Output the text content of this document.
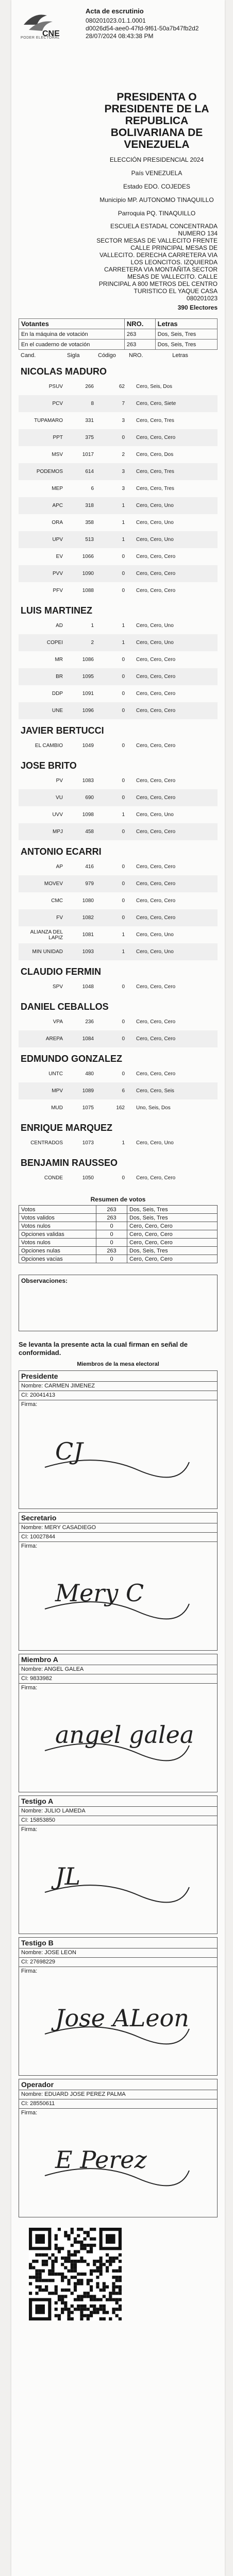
CNE
PODER ELECTORAL
Acta de escrutinio
080201023.01.1.0001
d0026d54-aee0-47fd-9f61-50a7b47fb2d2
28/07/2024 08:43:38 PM
PRESIDENTA O PRESIDENTE DE LA REPUBLICA BOLIVARIANA DE VENEZUELA
ELECCIÓN PRESIDENCIAL 2024
País VENEZUELA
Estado EDO. COJEDES
Municipio MP. AUTONOMO TINAQUILLO
Parroquia PQ. TINAQUILLO
ESCUELA ESTADAL CONCENTRADA NUMERO 134
SECTOR MESAS DE VALLECITO FRENTE CALLE PRINCIPAL MESAS DE VALLECITO. DERECHA CARRETERA VIA LOS LEONCITOS. IZQUIERDA CARRETERA VIA MONTAÑITA SECTOR MESAS DE VALLECITO. CALLE PRINCIPAL A 800 METROS DEL CENTRO TURISTICO EL YAQUE CASA
080201023
390 Electores
Votantes	NRO.	Letras
En la máquina de votación	263	Dos, Seis, Tres
En el cuaderno de votación	263	Dos, Seis, Tres
Cand.	Sigla	Código	NRO.	Letras
NICOLAS MADURO				
PSUV	266	62	Cero, Seis, Dos	
PCV	8	7	Cero, Cero, Siete	
TUPAMARO	331	3	Cero, Cero, Tres	
PPT	375	0	Cero, Cero, Cero	
MSV	1017	2	Cero, Cero, Dos	
PODEMOS	614	3	Cero, Cero, Tres	
MEP	6	3	Cero, Cero, Tres	
APC	318	1	Cero, Cero, Uno	
ORA	358	1	Cero, Cero, Uno	
UPV	513	1	Cero, Cero, Uno	
EV	1066	0	Cero, Cero, Cero	
PVV	1090	0	Cero, Cero, Cero	
PFV	1088	0	Cero, Cero, Cero	
LUIS MARTINEZ				
AD	1	1	Cero, Cero, Uno	
COPEI	2	1	Cero, Cero, Uno	
MR	1086	0	Cero, Cero, Cero	
BR	1095	0	Cero, Cero, Cero	
DDP	1091	0	Cero, Cero, Cero	
UNE	1096	0	Cero, Cero, Cero	
JAVIER BERTUCCI				
EL CAMBIO	1049	0	Cero, Cero, Cero	
JOSE BRITO				
PV	1083	0	Cero, Cero, Cero	
VU	690	0	Cero, Cero, Cero	
UVV	1098	1	Cero, Cero, Uno	
MPJ	458	0	Cero, Cero, Cero	
ANTONIO ECARRI				
AP	416	0	Cero, Cero, Cero	
MOVEV	979	0	Cero, Cero, Cero	
CMC	1080	0	Cero, Cero, Cero	
FV	1082	0	Cero, Cero, Cero	
ALIANZA DEL LAPIZ	1081	1	Cero, Cero, Uno	
MIN UNIDAD	1093	1	Cero, Cero, Uno	
CLAUDIO FERMIN				
SPV	1048	0	Cero, Cero, Cero	
DANIEL CEBALLOS				
VPA	236	0	Cero, Cero, Cero	
AREPA	1084	0	Cero, Cero, Cero	
EDMUNDO GONZALEZ				
UNTC	480	0	Cero, Cero, Cero	
MPV	1089	6	Cero, Cero, Seis	
MUD	1075	162	Uno, Seis, Dos	
ENRIQUE MARQUEZ				
CENTRADOS	1073	1	Cero, Cero, Uno	
BENJAMIN RAUSSEO				
CONDE	1050	0	Cero, Cero, Cero	
Resumen de votos
Votos	263	Dos, Seis, Tres
Votos validos	263	Dos, Seis, Tres
Votos nulos	0	Cero, Cero, Cero
Opciones validas	0	Cero, Cero, Cero
Votos nulos	0	Cero, Cero, Cero
Opciones nulas	263	Dos, Seis, Tres
Opciones vacias	0	Cero, Cero, Cero
Observaciones:
Se levanta la presente acta la cual firman en señal de conformidad.
Miembros de la mesa electoral
Presidente
Nombre: CARMEN JIMENEZ
CI: 20041413
Firma:
CJ
Secretario
Nombre: MERY CASADIEGO
CI: 10027844
Firma:
Mery C
Miembro A
Nombre: ANGEL GALEA
CI: 9833982
Firma:
angel galea
Testigo A
Nombre: JULIO LAMEDA
CI: 15853850
Firma:
JL
Testigo B
Nombre: JOSE LEON
CI: 27698229
Firma:
Jose ALeon
Operador
Nombre: EDUARD JOSE PEREZ PALMA
CI: 28550611
Firma:
E Perez
